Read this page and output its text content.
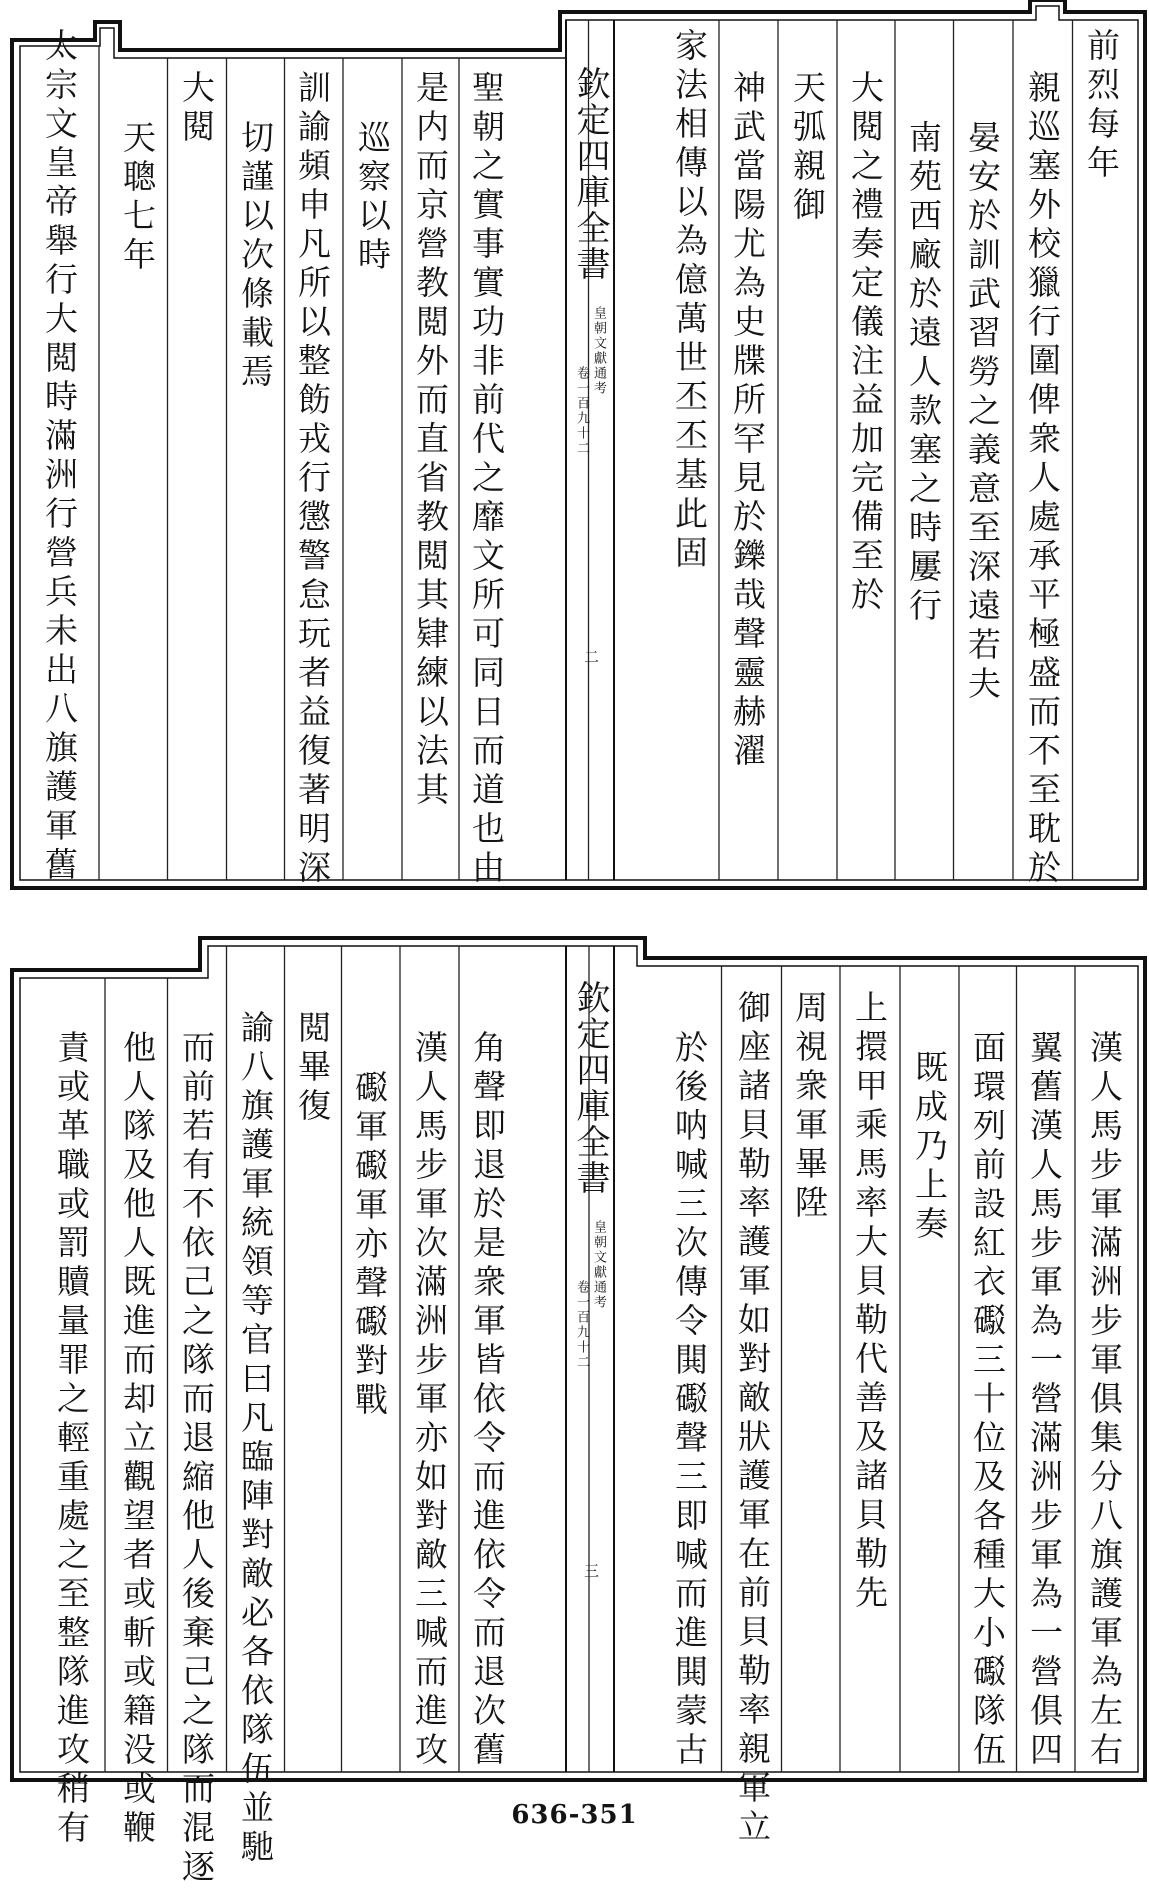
前烈每年
親巡塞外校獵行圍俾衆人處承平極盛而不至耽於
晏安於訓武習勞之義意至深遠若夫
南苑西廠於遠人款塞之時屢行
大閱之禮奏定儀注益加完備至於
天弧親御
神武當陽尤為史牒所罕見於鑠哉聲靈赫濯
家法相傳以為億萬世丕丕基此固
聖朝之實事實功非前代之靡文所可同日而道也由
是内而京營教閲外而直省教閲其肄練以法其
巡察以時
訓諭頻申凡所以整飭戎行懲警怠玩者益復著明深
切謹以次條載焉
大閱
天聰七年
太宗文皇帝舉行大閲時滿洲行營兵未出八旗護軍舊	欽定四庫全書
皇朝文獻通考
卷一百九十二
二
漢人馬步軍滿洲步軍俱集分八旗護軍為左右
翼舊漢人馬步軍為一營滿洲步軍為一營俱四
面環列前設紅衣礟三十位及各種大小礟隊伍
既成乃上奏
上擐甲乘馬率大貝勒代善及諸貝勒先
周視衆軍畢陞
御座諸貝勒率護軍如對敵狀護軍在前貝勒率親軍立
於後呐喊三次傳令閧礟聲三即喊而進閧蒙古
角聲即退於是衆軍皆依令而進依令而退次舊
漢人馬步軍次滿洲步軍亦如對敵三喊而進攻
礟軍礟軍亦聲礟對戰
閲畢復
諭八旗護軍統領等官曰凡臨陣對敵必各依隊伍並馳
而前若有不依己之隊而退縮他人後棄己之隊而混逐
他人隊及他人既進而却立觀望者或斬或籍没或鞭
責或革職或罰贖量罪之輕重處之至整隊進攻稍有	欽定四庫全書
皇朝文獻通考
卷一百九十二
三
636-351
